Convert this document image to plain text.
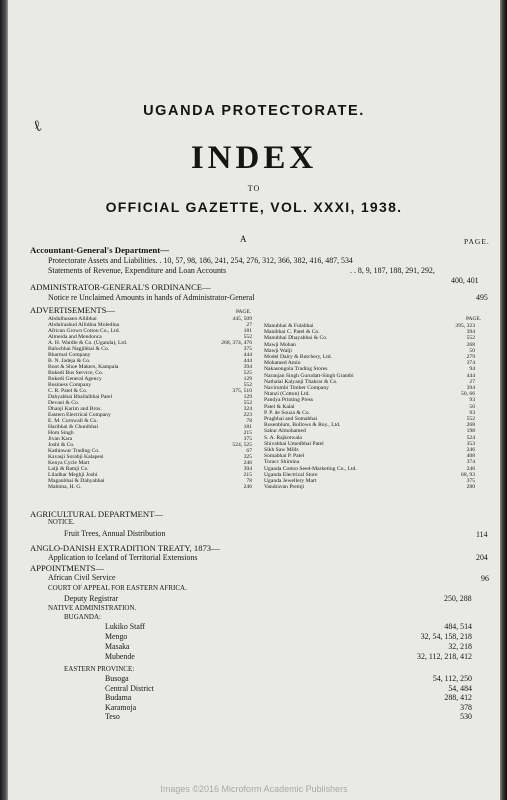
ℓ
UGANDA PROTECTORATE.
INDEX
TO
OFFICIAL GAZETTE, VOL. XXXI, 1938.
A	PAGE.
Accountant-General's Department—
Protectorate Assets and Liabilities. . 10, 57, 98, 186, 241, 254, 276, 312, 366, 382, 416, 487, 534
Statements of Revenue, Expenditure and Loan Accounts	. . 8, 9, 187, 188, 291, 292,
400, 401
ADMINISTRATOR-GENERAL'S ORDINANCE—
Notice re Unclaimed Amounts in hands of Administrator-General	495
ADVERTISEMENTS—	PAGE.
PAGE.
Abdulhussen Allibhai	445, 509
Abdulrashud Allidina Moledina	27
African Grown Cotton Co., Ltd.	181
Almeida and Mendonca	552
A. H. Wardle & Co. (Uganda), Ltd.	268, 374, 476
Balochhai Nagjibhai & Co.	375
Bharmal Company	444
B. N. Jadeja & Co.	444
Boot & Shoe Makers, Kampala	394
Bukedi Bus Service, Co.	525
Bukedi General Agency	129
Business Company	552
C. R. Patel & Co.	375, 510
Dahyabhai Bhailalbhai Patel	129
Devani & Co.	552
Dhanji Karim and Bros.	324
Eastern Electrical Company	223
E. M. Cornwall & Co.	78
Haribhai & Chunibhai	181
Hom Singh	215
Jivan Kara	375
Joshi & Co.	524, 525
Kathiawar Trading Co.	67
Kavasji Sorabji Kalapesi	325
Kenya Cycle Mart	246
Lalji & Ramji Co.	394
Liladhar Meghji Joshi	215
Maganbhai & Dahyabhai	78
Mahima, H. G.	246
Manubhai & Fulabhai	395, 323
Manibhai C. Patel & Co.	394
Manubhai Dhayabhai & Co.	552
Mawji Mohan	268
Mawji Walji	50
Model Dairy & Butchery, Ltd.	279
Mohamed Amin	374
Nakasongola Trading Stores	94
Naranjan Singh Gurudatt-Singh Grantbi	444
Nathalal Kalyanji Thakrar & Co.	27
Navirumbi Timber Company	394
Ntanzi (Cotton) Ltd.	50, 66
Pandya Printing Press	93
Patel & Kalal	50
P. P. de Souza & Co.	93
Pragbhai and Somabhai	552
Rosenblum, Bullows & Roy., Ltd.	268
Sakur Almohamed	198
S. A. Rajkotwala	524
Shivabhai Umedbhai Patel	353
Sikh Saw Mills	246
Somabhai P. Patel	408
Toracc Shimina	374
Uganda Cotton Seed-Marketing Co., Ltd.	246
Uganda Electrical Store	68, 93
Uganda Jewellery Mart	375
Vandravan Premji	280
AGRICULTURAL DEPARTMENT—
NOTICE.
Fruit Trees, Annual Distribution	114
ANGLO-DANISH EXTRADITION TREATY, 1873—
Application to Iceland of Territorial Extensions	204
APPOINTMENTS—
African Civil Service	96
COURT OF APPEAL FOR EASTERN AFRICA.
Deputy Registrar	250, 288
NATIVE ADMINISTRATION.
BUGANDA:
Lukiko Staff	484, 514
Mengo	32, 54, 158, 218
Masaka	32, 218
Mubende	32, 112, 218, 412
EASTERN PROVINCE:
Busoga	54, 112, 250
Central District	54, 484
Budama	288, 412
Karamoja	378
Teso	530
Images ©2016 Microform Academic Publishers
